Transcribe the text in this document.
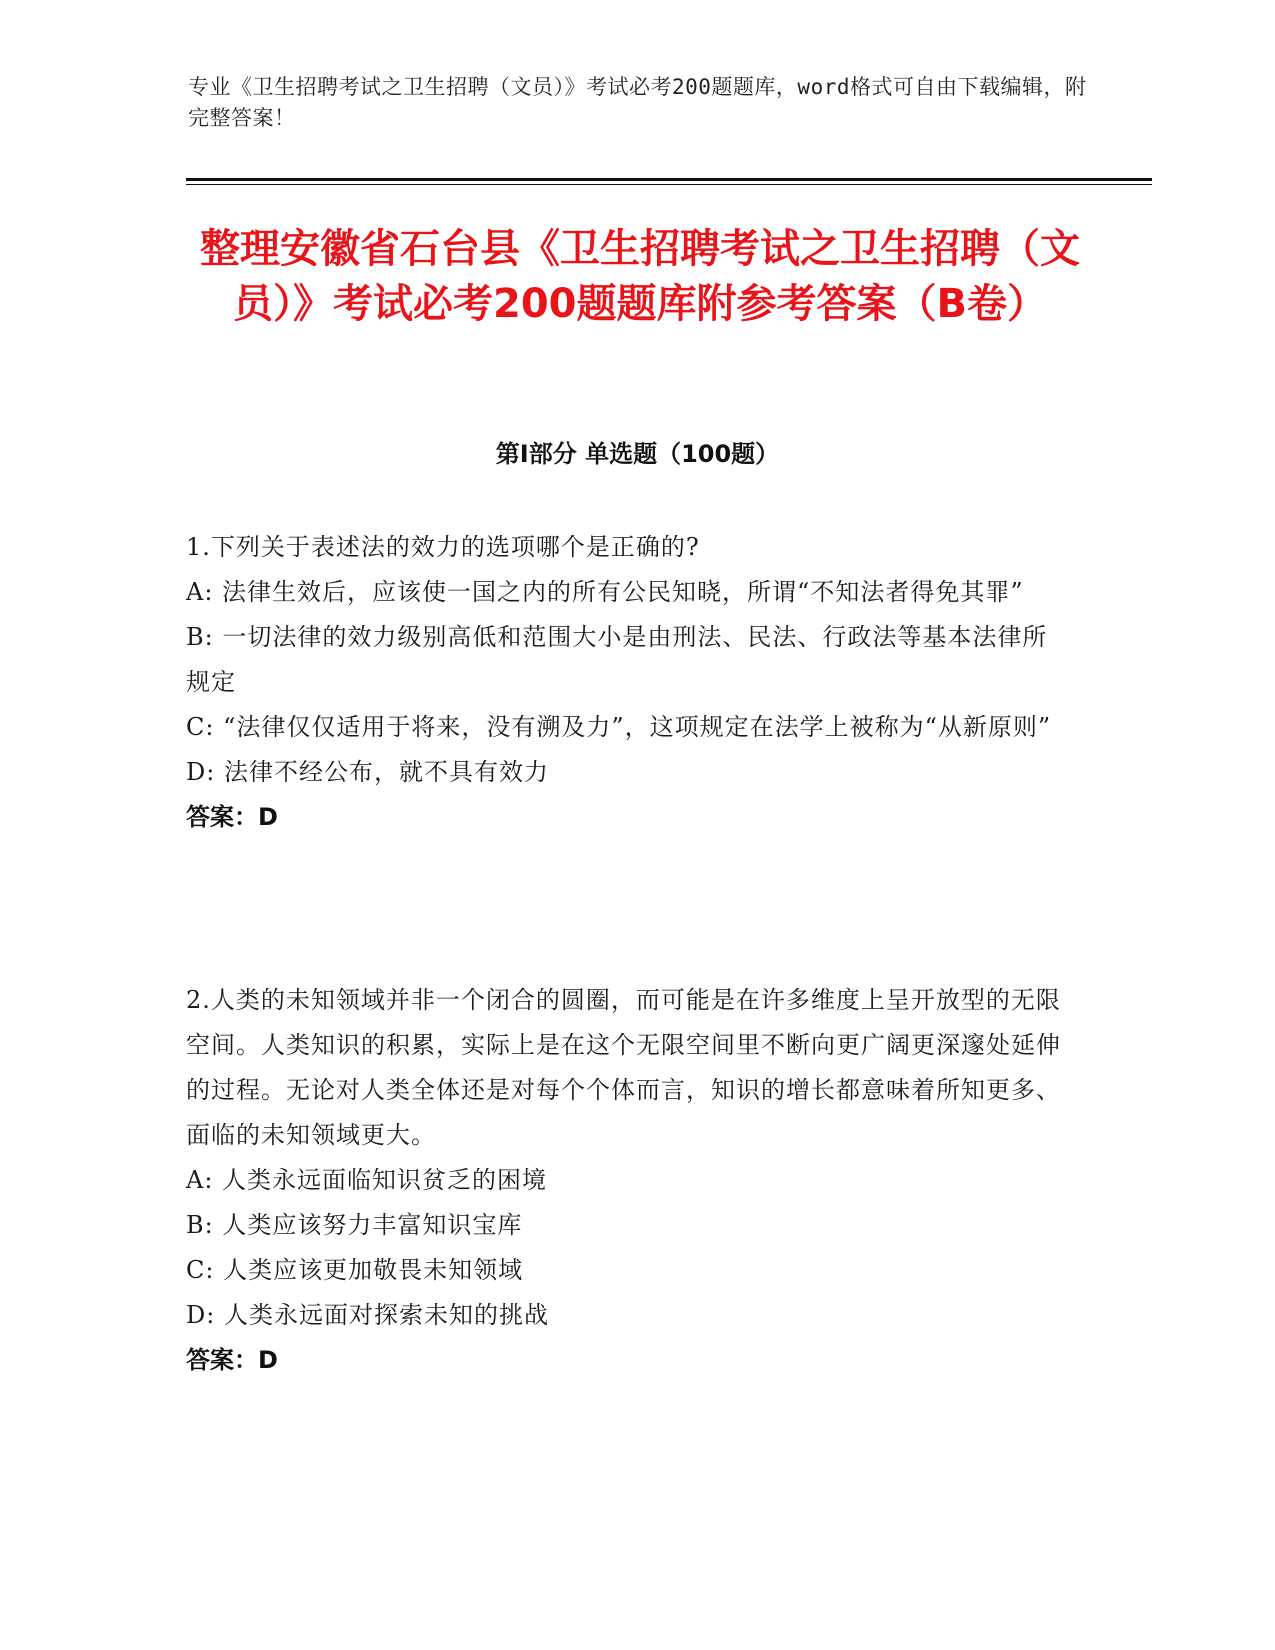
专业《卫生招聘考试之卫生招聘（文员）》考试必考200题题库，word格式可自由下载编辑，附完整答案！
整理安徽省石台县《卫生招聘考试之卫生招聘（文员）》考试必考200题题库附参考答案（B卷）
第I部分 单选题（100题）

1.下列关于表述法的效力的选项哪个是正确的?

A: 法律生效后，应该使一国之内的所有公民知晓，所谓“不知法者得免其罪”

B: 一切法律的效力级别高低和范围大小是由刑法、民法、行政法等基本法律所规定

C: “法律仅仅适用于将来，没有溯及力”，这项规定在法学上被称为“从新原则”

D: 法律不经公布，就不具有效力

答案：D

2.人类的未知领域并非一个闭合的圆圈，而可能是在许多维度上呈开放型的无限空间。人类知识的积累，实际上是在这个无限空间里不断向更广阔更深邃处延伸的过程。无论对人类全体还是对每个个体而言，知识的增长都意味着所知更多、面临的未知领域更大。

A: 人类永远面临知识贫乏的困境

B: 人类应该努力丰富知识宝库

C: 人类应该更加敬畏未知领域

D: 人类永远面对探索未知的挑战

答案：D
